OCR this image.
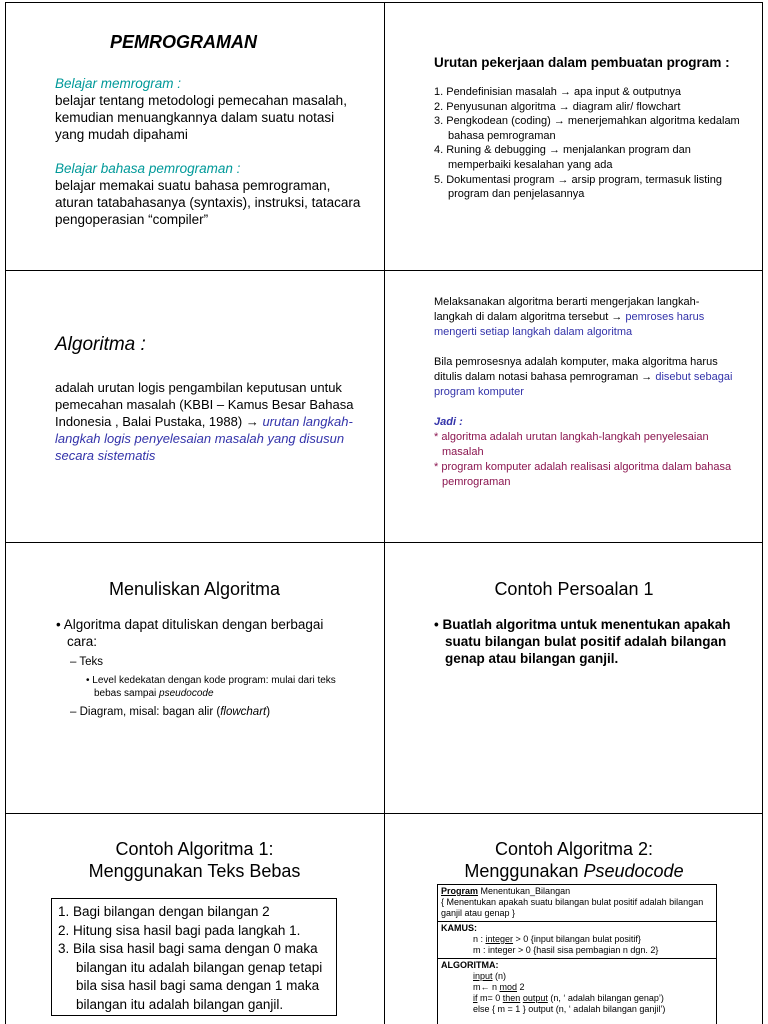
PEMROGRAMAN

Belajar memrogram :

belajar tentang metodologi pemecahan masalah, kemudian menuangkannya dalam suatu notasi yang mudah dipahami

Belajar bahasa pemrograman :

belajar memakai suatu bahasa pemrograman, aturan tatabahasanya (syntaxis), instruksi, tatacara pengoperasian “compiler”

Urutan pekerjaan dalam pembuatan program :

1. Pendefinisian masalah → apa input & outputnya

2. Penyusunan algoritma → diagram alir/ flowchart

3. Pengkodean (coding) → menerjemahkan algoritma kedalam bahasa pemrograman

4. Runing & debugging → menjalankan program dan memperbaiki kesalahan yang ada

5. Dokumentasi program → arsip program, termasuk listing program dan penjelasannya

Algoritma :
adalah urutan logis pengambilan keputusan untuk pemecahan masalah (KBBI – Kamus Besar Bahasa Indonesia , Balai Pustaka, 1988) → urutan langkah-langkah logis penyelesaian masalah yang disusun secara sistematis

Melaksanakan algoritma berarti mengerjakan langkah-langkah di dalam algoritma tersebut → pemroses harus mengerti setiap langkah dalam algoritma

Bila pemrosesnya adalah komputer, maka algoritma harus ditulis dalam notasi bahasa pemrograman → disebut sebagai program komputer

Jadi :

* algoritma adalah urutan langkah-langkah penyelesaian masalah

* program komputer adalah realisasi algoritma dalam bahasa pemrograman

Menuliskan Algoritma

• Algoritma dapat dituliskan dengan berbagai cara:

– Teks

• Level kedekatan dengan kode program: mulai dari teks bebas sampai pseudocode

– Diagram, misal: bagan alir (flowchart)

Contoh Persoalan 1

• Buatlah algoritma untuk menentukan apakah suatu bilangan bulat positif adalah bilangan genap atau bilangan ganjil.

Contoh Algoritma 1:
Menggunakan Teks Bebas

1. Bagi bilangan dengan bilangan 2

2. Hitung sisa hasil bagi pada langkah 1.

3. Bila sisa hasil bagi sama dengan 0 maka bilangan itu adalah bilangan genap tetapi bila sisa hasil bagi sama dengan 1 maka bilangan itu adalah bilangan ganjil.

Contoh Algoritma 2:
Menggunakan Pseudocode

Program Menentukan_Bilangan

{ Menentukan apakah suatu bilangan bulat positif adalah bilangan ganjil atau genap }

KAMUS:

n : integer > 0 {input bilangan bulat positif}

m : integer > 0 {hasil sisa pembagian n dgn. 2}

ALGORITMA:

input (n)

m← n mod 2

if m= 0 then output (n, ‘ adalah bilangan genap’)

else { m = 1 } output (n, ‘ adalah bilangan ganjil’)
